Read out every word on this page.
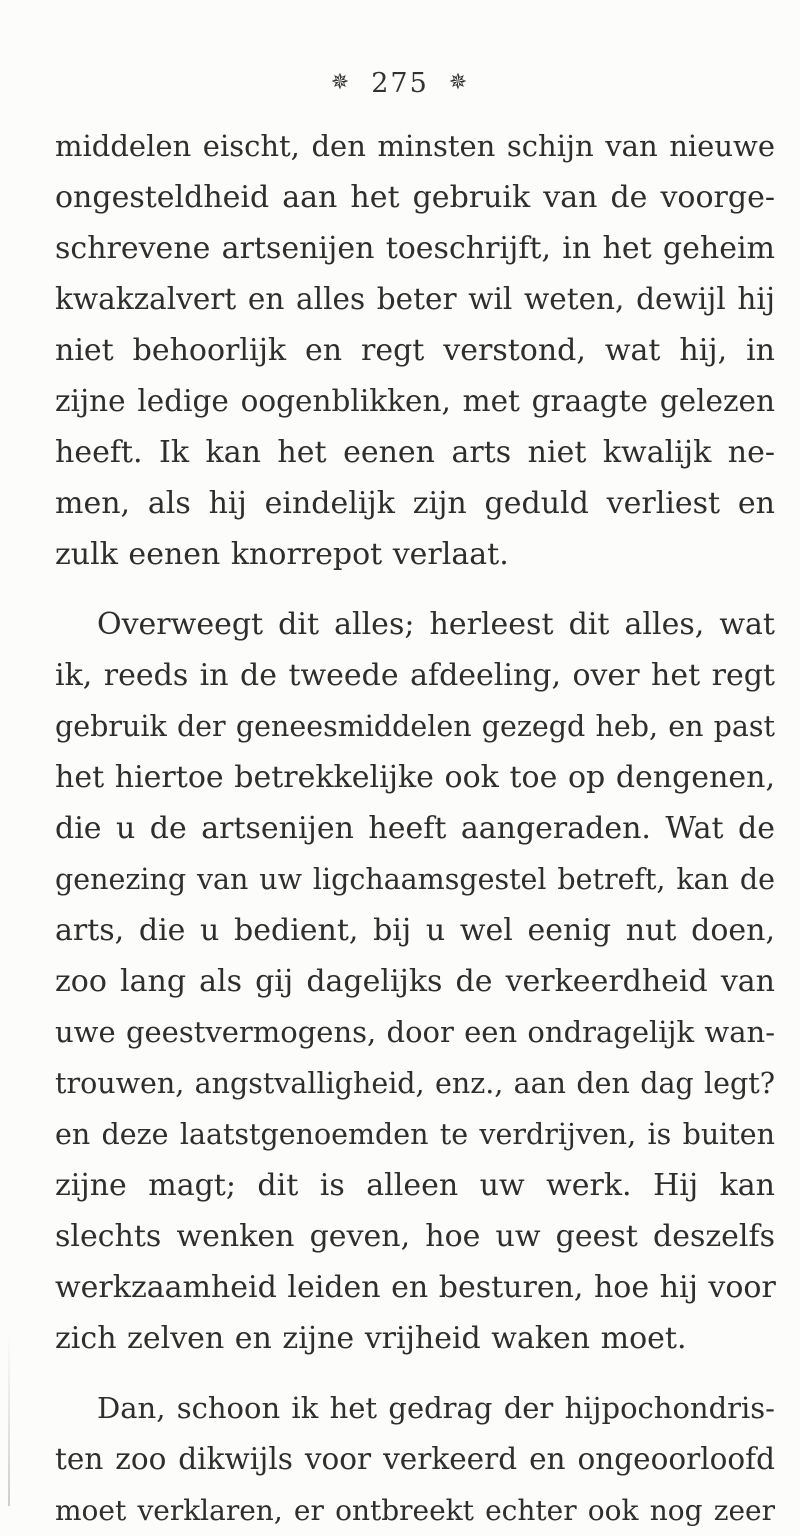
✵ 275 ✵
middelen eischt, den minsten schijn van nieuwe
ongesteldheid aan het gebruik van de voorge-
schrevene artsenijen toeschrijft, in het geheim
kwakzalvert en alles beter wil weten, dewijl hij
niet behoorlijk en regt verstond, wat hij, in
zijne ledige oogenblikken, met graagte gelezen
heeft. Ik kan het eenen arts niet kwalijk ne-
men, als hij eindelijk zijn geduld verliest en
zulk eenen knorrepot verlaat.
Overweegt dit alles; herleest dit alles, wat
ik, reeds in de tweede afdeeling, over het regt
gebruik der geneesmiddelen gezegd heb, en past
het hiertoe betrekkelijke ook toe op dengenen,
die u de artsenijen heeft aangeraden. Wat de
genezing van uw ligchaamsgestel betreft, kan de
arts, die u bedient, bij u wel eenig nut doen,
zoo lang als gij dagelijks de verkeerdheid van
uwe geestvermogens, door een ondragelijk wan-
trouwen, angstvalligheid, enz., aan den dag legt?
en deze laatstgenoemden te verdrijven, is buiten
zijne magt; dit is alleen uw werk. Hij kan
slechts wenken geven, hoe uw geest deszelfs
werkzaamheid leiden en besturen, hoe hij voor
zich zelven en zijne vrijheid waken moet.
Dan, schoon ik het gedrag der hijpochondris-
ten zoo dikwijls voor verkeerd en ongeoorloofd
moet verklaren, er ontbreekt echter ook nog zeer
